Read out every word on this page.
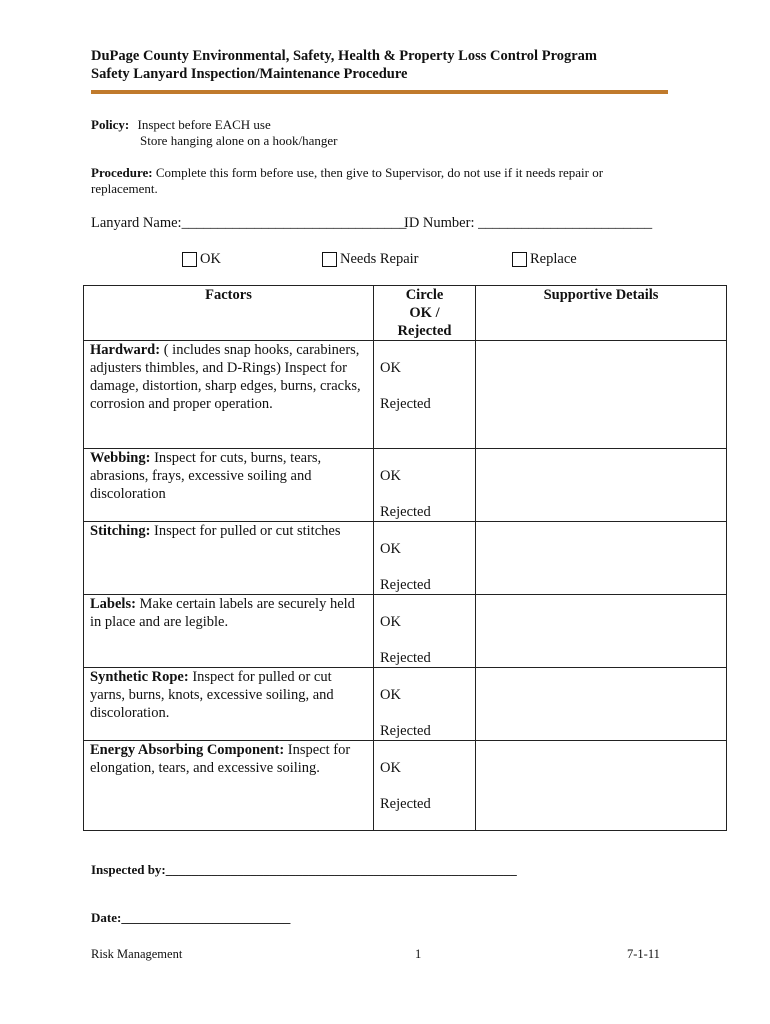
DuPage County Environmental, Safety, Health & Property Loss Control Program
Safety Lanyard Inspection/Maintenance Procedure
Policy: Inspect before EACH use
Store hanging alone on a hook/hanger
Procedure: Complete this form before use, then give to Supervisor, do not use if it needs repair or
replacement.
Lanyard Name:_______________________________
ID Number: ________________________
OK	Needs Repair	Replace
Factors	Circle
OK /
Rejected	Supportive Details
Hardward: ( includes snap hooks, carabiners, adjusters thimbles, and D-Rings) Inspect for damage, distortion, sharp edges, burns, cracks, corrosion and proper operation.	OK
Rejected	

Webbing: Inspect for cuts, burns, tears, abrasions, frays, excessive soiling and discoloration	OK
Rejected	

Stitching: Inspect for pulled or cut stitches	OK
Rejected	

Labels: Make certain labels are securely held in place and are legible.	OK
Rejected	

Synthetic Rope: Inspect for pulled or cut yarns, burns, knots, excessive soiling, and discoloration.	OK
Rejected	

Energy Absorbing Component: Inspect for elongation, tears, and excessive soiling.	OK
Rejected	

Inspected by:______________________________________________________
Date:__________________________
Risk Management	1	7-1-11
